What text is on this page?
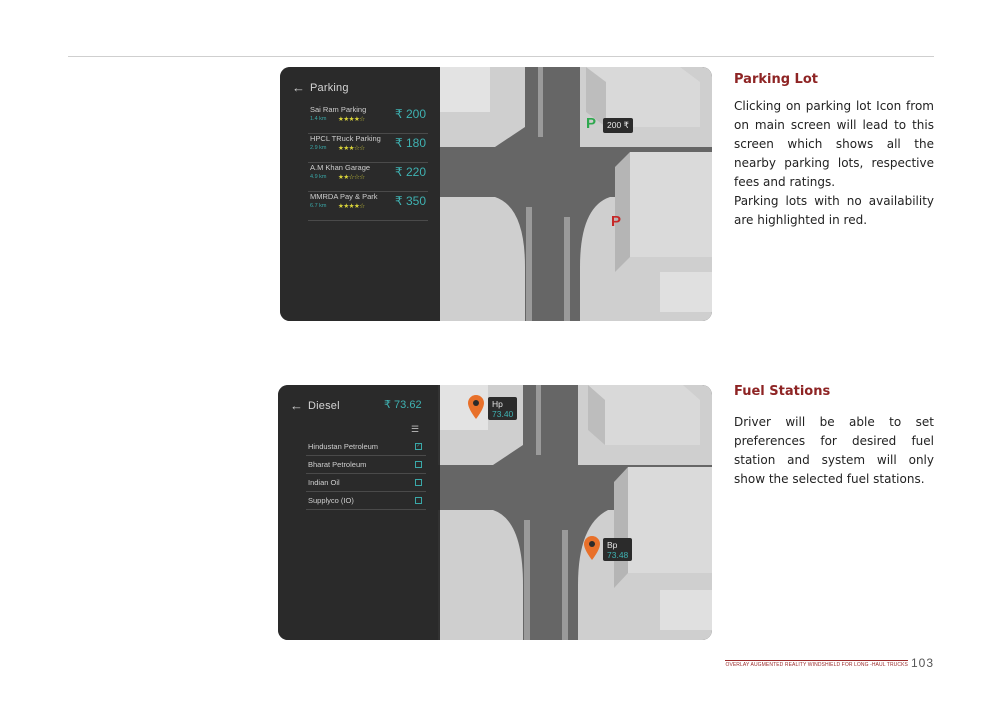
← Parking
Sai Ram Parking
1.4 km ★★★★☆	₹ 200
HPCL TRuck Parking
2.9 km ★★★☆☆	₹ 180
A.M Khan Garage
4.9 km ★★☆☆☆	₹ 220
MMRDA Pay & Park
6.7 km ★★★★☆	₹ 350
P	200 ₹
P
Parking Lot

Clicking on parking lot Icon from on main screen will lead to this screen which shows all the nearby parking lots, respective fees and ratings.

Parking lots with no availability are highlighted in red.

← Diesel	₹ 73.62
☰
Hindustan Petroleum	✓
Bharat Petroleum
Indian Oil
Supplyco (IO)
Hp
73.40
Bp
73.48
Fuel Stations

Driver will be able to set preferences for desired fuel station and system will only show the selected fuel stations.

OVERLAY AUGMENTED REALITY WINDSHIELD FOR LONG -HAUL TRUCKS 103
